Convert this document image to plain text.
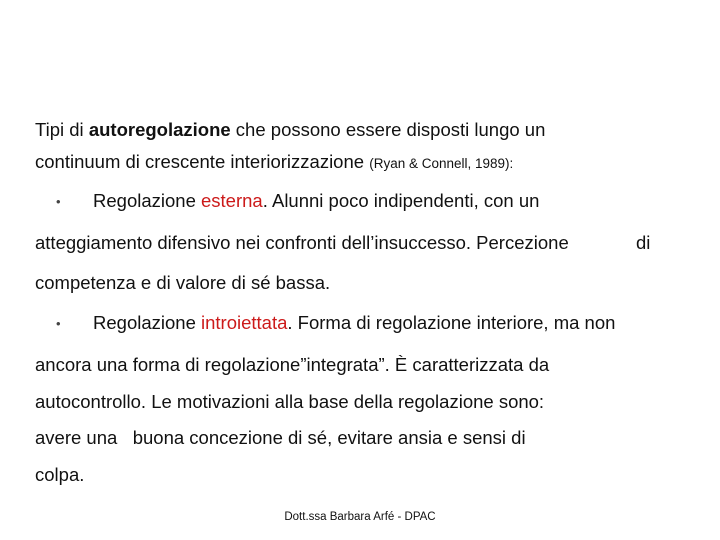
Tipi di autoregolazione che possono essere disposti lungo un
continuum di crescente interiorizzazione (Ryan & Connell, 1989):
• Regolazione esterna. Alunni poco indipendenti, con un
atteggiamento difensivo nei confronti dell’insuccesso. Percezione	di
competenza e di valore di sé bassa.
• Regolazione introiettata. Forma di regolazione interiore, ma non
ancora una forma di regolazione”integrata”. È caratterizzata da
autocontrollo. Le motivazioni alla base della regolazione sono:
avere una   buona concezione di sé, evitare ansia e sensi di
colpa.
Dott.ssa Barbara Arfé - DPAC
